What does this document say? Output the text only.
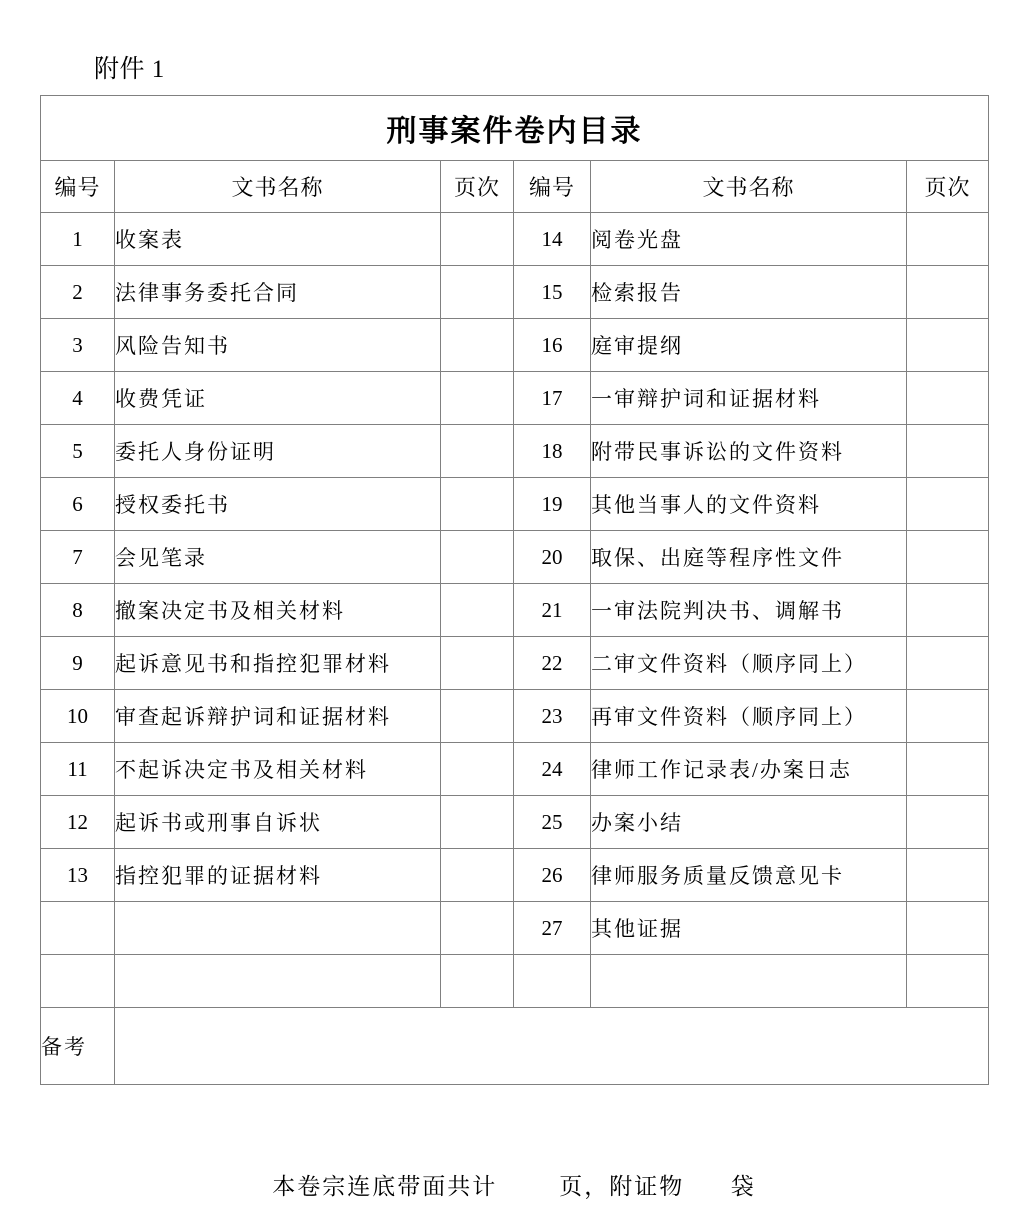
附件 1
刑事案件卷内目录					
编号	文书名称	页次	编号	文书名称	页次
1	收案表		14	阅卷光盘	
2	法律事务委托合同		15	检索报告	
3	风险告知书		16	庭审提纲	
4	收费凭证		17	一审辩护词和证据材料	
5	委托人身份证明		18	附带民事诉讼的文件资料	
6	授权委托书		19	其他当事人的文件资料	
7	会见笔录		20	取保、出庭等程序性文件	
8	撤案决定书及相关材料		21	一审法院判决书、调解书	
9	起诉意见书和指控犯罪材料		22	二审文件资料（顺序同上）	
10	审查起诉辩护词和证据材料		23	再审文件资料（顺序同上）	
11	不起诉决定书及相关材料		24	律师工作记录表/办案日志	
12	起诉书或刑事自诉状		25	办案小结	
13	指控犯罪的证据材料		26	律师服务质量反馈意见卡	
			27	其他证据	

备考					
本卷宗连底带面共计        页，附证物      袋
